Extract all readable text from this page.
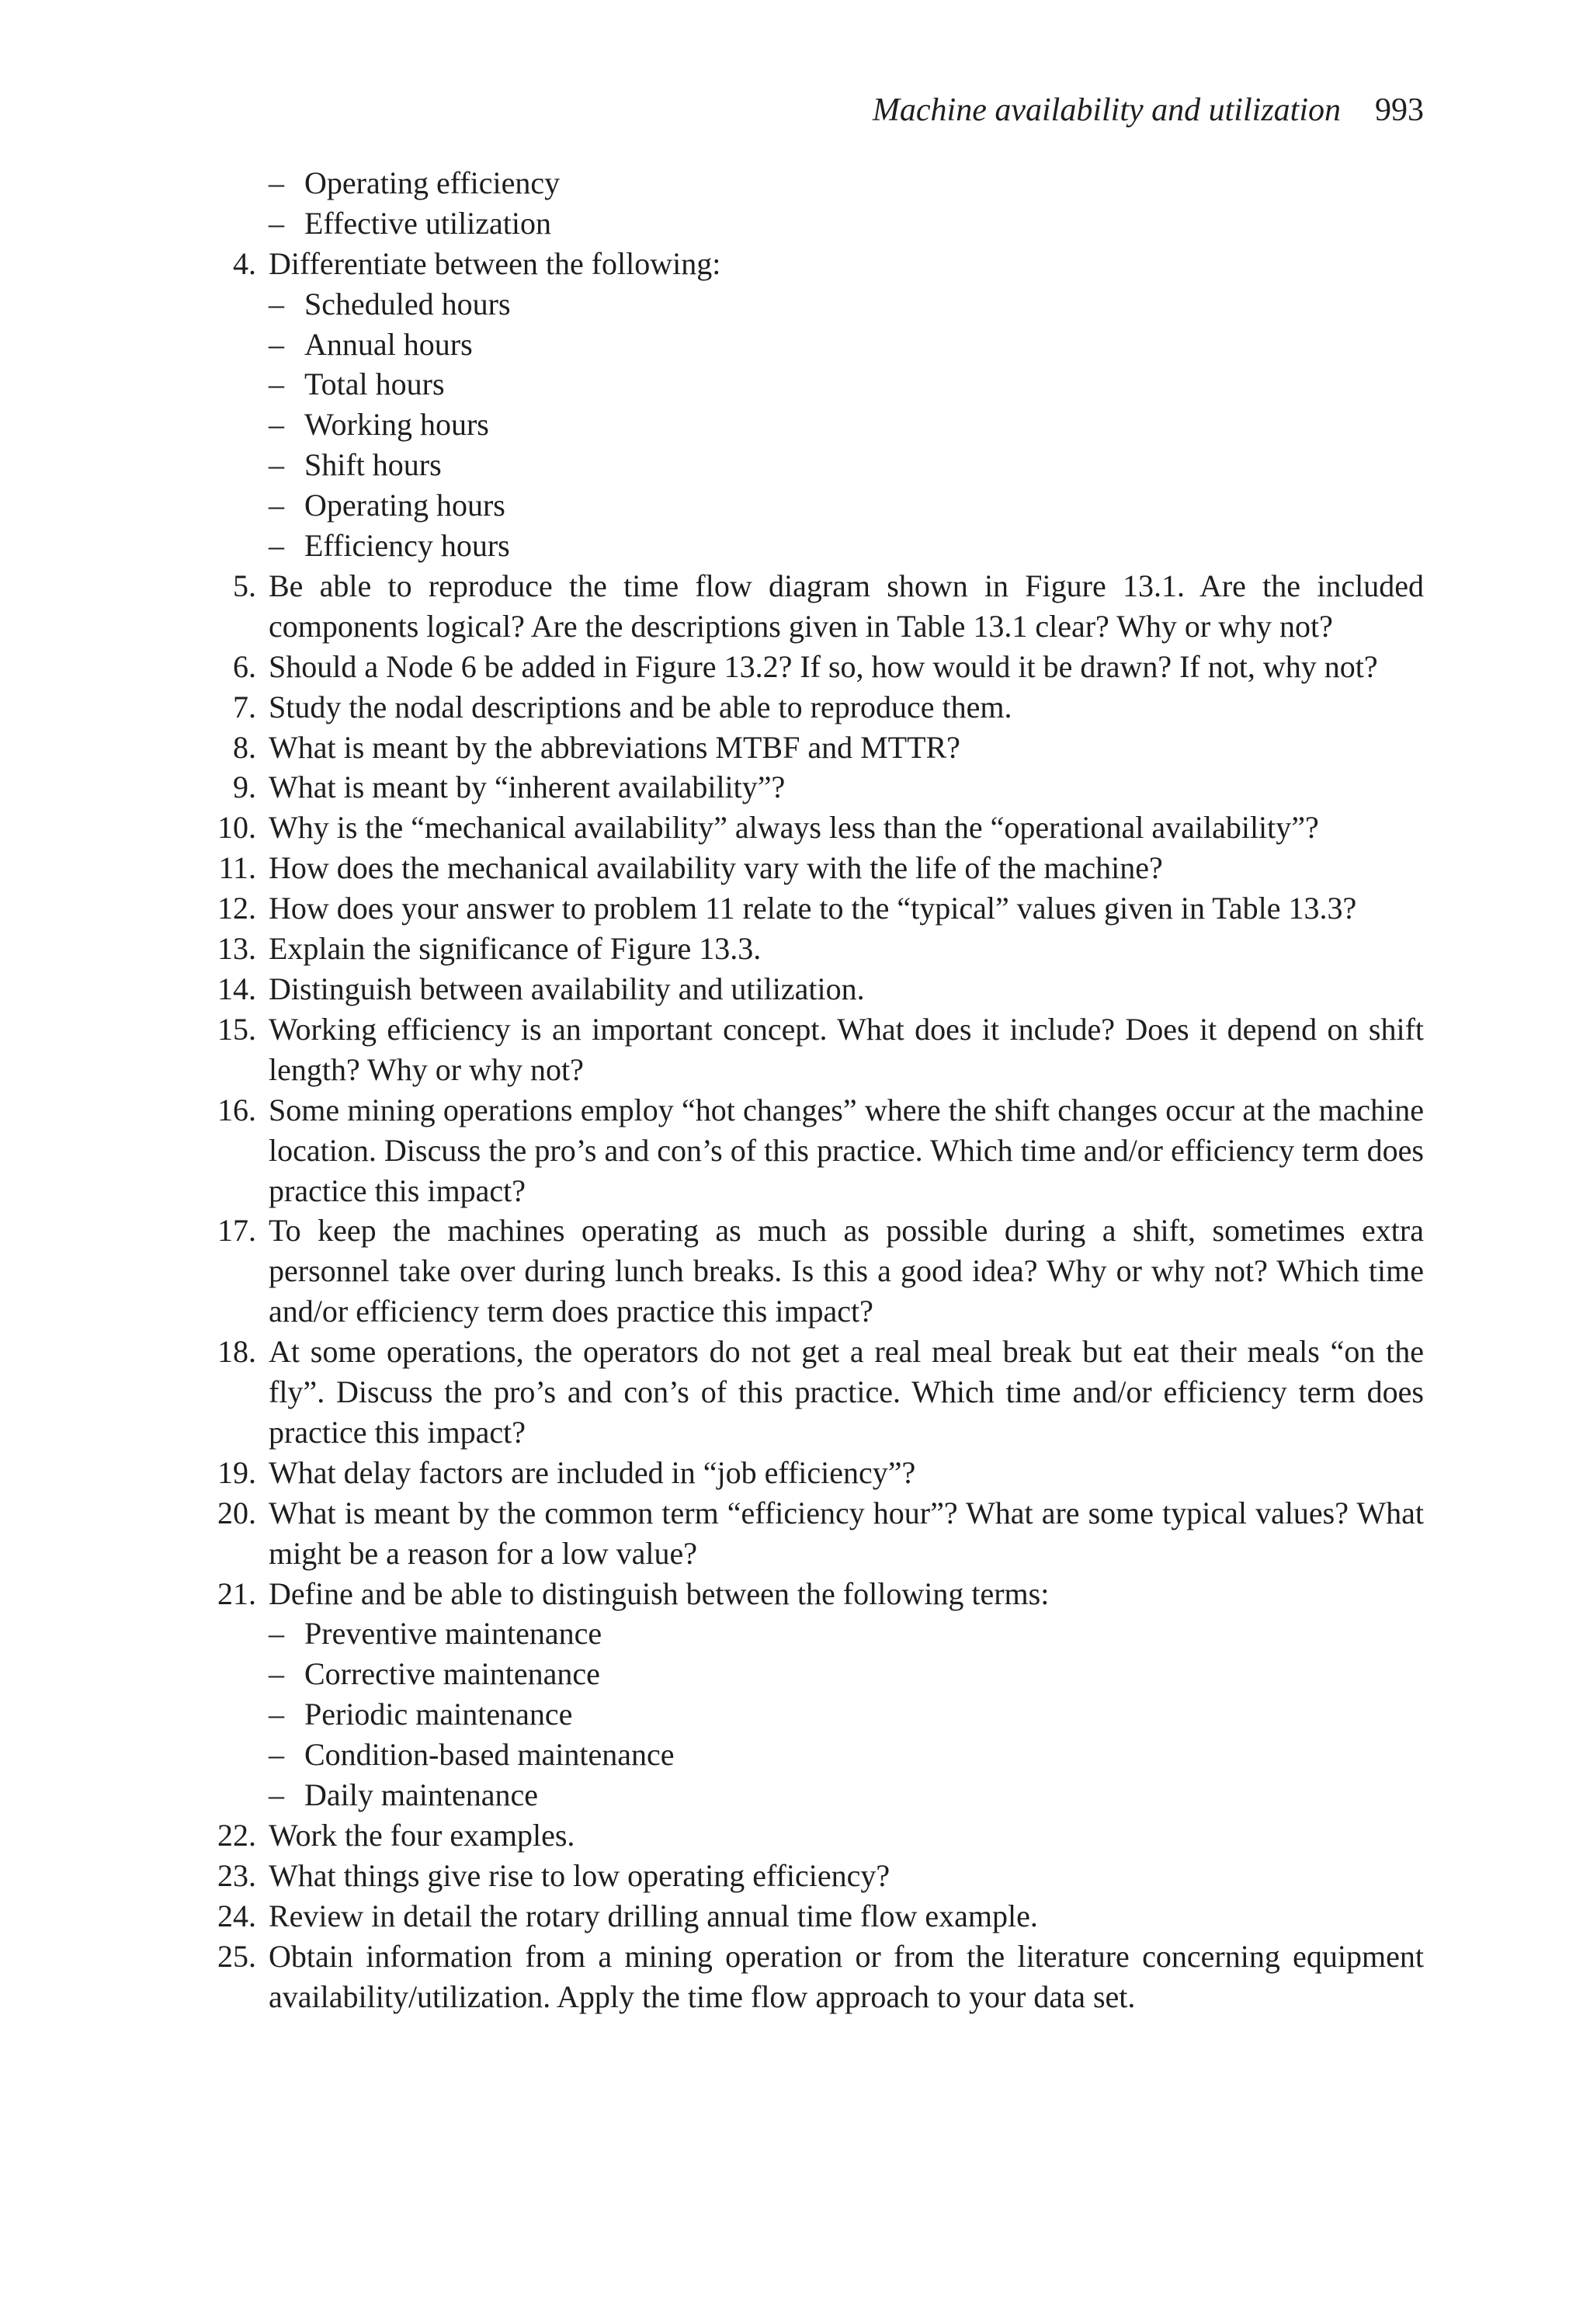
Machine availability and utilization 993
– Operating efficiency
– Effective utilization
4. Differentiate between the following:
– Scheduled hours
– Annual hours
– Total hours
– Working hours
– Shift hours
– Operating hours
– Efficiency hours
5. Be able to reproduce the time flow diagram shown in Figure 13.1. Are the included components logical? Are the descriptions given in Table 13.1 clear? Why or why not?
6. Should a Node 6 be added in Figure 13.2? If so, how would it be drawn? If not, why not?
7. Study the nodal descriptions and be able to reproduce them.
8. What is meant by the abbreviations MTBF and MTTR?
9. What is meant by “inherent availability”?
10. Why is the “mechanical availability” always less than the “operational availability”?
11. How does the mechanical availability vary with the life of the machine?
12. How does your answer to problem 11 relate to the “typical” values given in Table 13.3?
13. Explain the significance of Figure 13.3.
14. Distinguish between availability and utilization.
15. Working efficiency is an important concept. What does it include? Does it depend on shift length? Why or why not?
16. Some mining operations employ “hot changes” where the shift changes occur at the machine location. Discuss the pro’s and con’s of this practice. Which time and/or efficiency term does practice this impact?
17. To keep the machines operating as much as possible during a shift, sometimes extra personnel take over during lunch breaks. Is this a good idea? Why or why not? Which time and/or efficiency term does practice this impact?
18. At some operations, the operators do not get a real meal break but eat their meals “on the fly”. Discuss the pro’s and con’s of this practice. Which time and/or efficiency term does practice this impact?
19. What delay factors are included in “job efficiency”?
20. What is meant by the common term “efficiency hour”? What are some typical values? What might be a reason for a low value?
21. Define and be able to distinguish between the following terms:
– Preventive maintenance
– Corrective maintenance
– Periodic maintenance
– Condition-based maintenance
– Daily maintenance
22. Work the four examples.
23. What things give rise to low operating efficiency?
24. Review in detail the rotary drilling annual time flow example.
25. Obtain information from a mining operation or from the literature concerning equipment availability/utilization. Apply the time flow approach to your data set.
